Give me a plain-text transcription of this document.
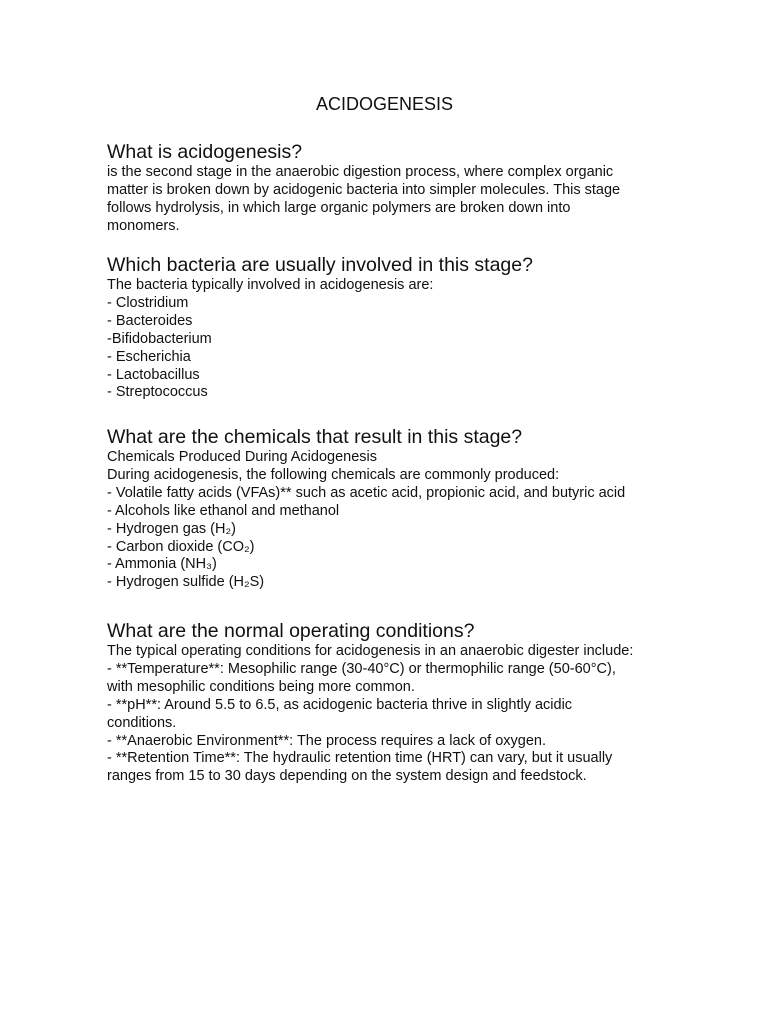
ACIDOGENESIS
What is acidogenesis?

is the second stage in the anaerobic digestion process, where complex organic

matter is broken down by acidogenic bacteria into simpler molecules. This stage

follows hydrolysis, in which large organic polymers are broken down into

monomers.

Which bacteria are usually involved in this stage?

The bacteria typically involved in acidogenesis are:

- Clostridium

- Bacteroides

-Bifidobacterium

- Escherichia

- Lactobacillus

- Streptococcus

What are the chemicals that result in this stage?

Chemicals Produced During Acidogenesis

During acidogenesis, the following chemicals are commonly produced:

- Volatile fatty acids (VFAs)** such as acetic acid, propionic acid, and butyric acid

- Alcohols like ethanol and methanol

- Hydrogen gas (H₂)

- Carbon dioxide (CO₂)

- Ammonia (NH₃)

- Hydrogen sulfide (H₂S)

What are the normal operating conditions?

The typical operating conditions for acidogenesis in an anaerobic digester include:

- **Temperature**: Mesophilic range (30-40°C) or thermophilic range (50-60°C),

with mesophilic conditions being more common.

- **pH**: Around 5.5 to 6.5, as acidogenic bacteria thrive in slightly acidic

conditions.

- **Anaerobic Environment**: The process requires a lack of oxygen.

- **Retention Time**: The hydraulic retention time (HRT) can vary, but it usually

ranges from 15 to 30 days depending on the system design and feedstock.
